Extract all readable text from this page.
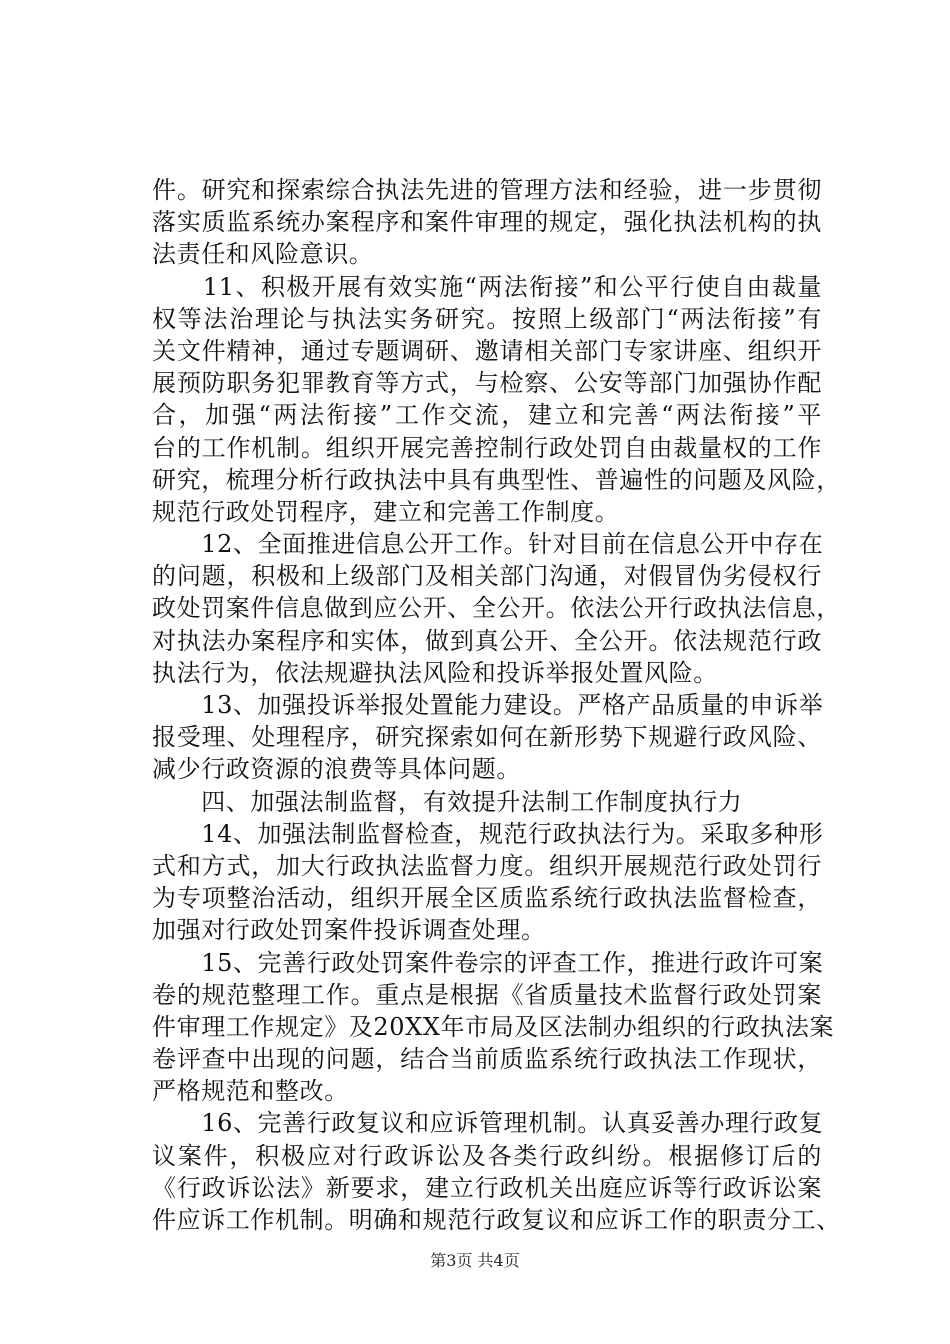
件。研究和探索综合执法先进的管理方法和经验，进一步贯彻
落实质监系统办案程序和案件审理的规定，强化执法机构的执
法责任和风险意识。
　　11、积极开展有效实施“两法衔接”和公平行使自由裁量
权等法治理论与执法实务研究。按照上级部门“两法衔接”有
关文件精神，通过专题调研、邀请相关部门专家讲座、组织开
展预防职务犯罪教育等方式，与检察、公安等部门加强协作配
合，加强“两法衔接”工作交流，建立和完善“两法衔接”平
台的工作机制。组织开展完善控制行政处罚自由裁量权的工作
研究，梳理分析行政执法中具有典型性、普遍性的问题及风险，
规范行政处罚程序，建立和完善工作制度。
　　12、全面推进信息公开工作。针对目前在信息公开中存在
的问题，积极和上级部门及相关部门沟通，对假冒伪劣侵权行
政处罚案件信息做到应公开、全公开。依法公开行政执法信息，
对执法办案程序和实体，做到真公开、全公开。依法规范行政
执法行为，依法规避执法风险和投诉举报处置风险。
　　13、加强投诉举报处置能力建设。严格产品质量的申诉举
报受理、处理程序，研究探索如何在新形势下规避行政风险、
减少行政资源的浪费等具体问题。
　　四、加强法制监督，有效提升法制工作制度执行力
　　14、加强法制监督检查，规范行政执法行为。采取多种形
式和方式，加大行政执法监督力度。组织开展规范行政处罚行
为专项整治活动，组织开展全区质监系统行政执法监督检查，
加强对行政处罚案件投诉调查处理。
　　15、完善行政处罚案件卷宗的评查工作，推进行政许可案
卷的规范整理工作。重点是根据《省质量技术监督行政处罚案
件审理工作规定》及20XX年市局及区法制办组织的行政执法案
卷评查中出现的问题，结合当前质监系统行政执法工作现状，
严格规范和整改。
　　16、完善行政复议和应诉管理机制。认真妥善办理行政复
议案件，积极应对行政诉讼及各类行政纠纷。根据修订后的
《行政诉讼法》新要求，建立行政机关出庭应诉等行政诉讼案
件应诉工作机制。明确和规范行政复议和应诉工作的职责分工、
第3页 共4页
